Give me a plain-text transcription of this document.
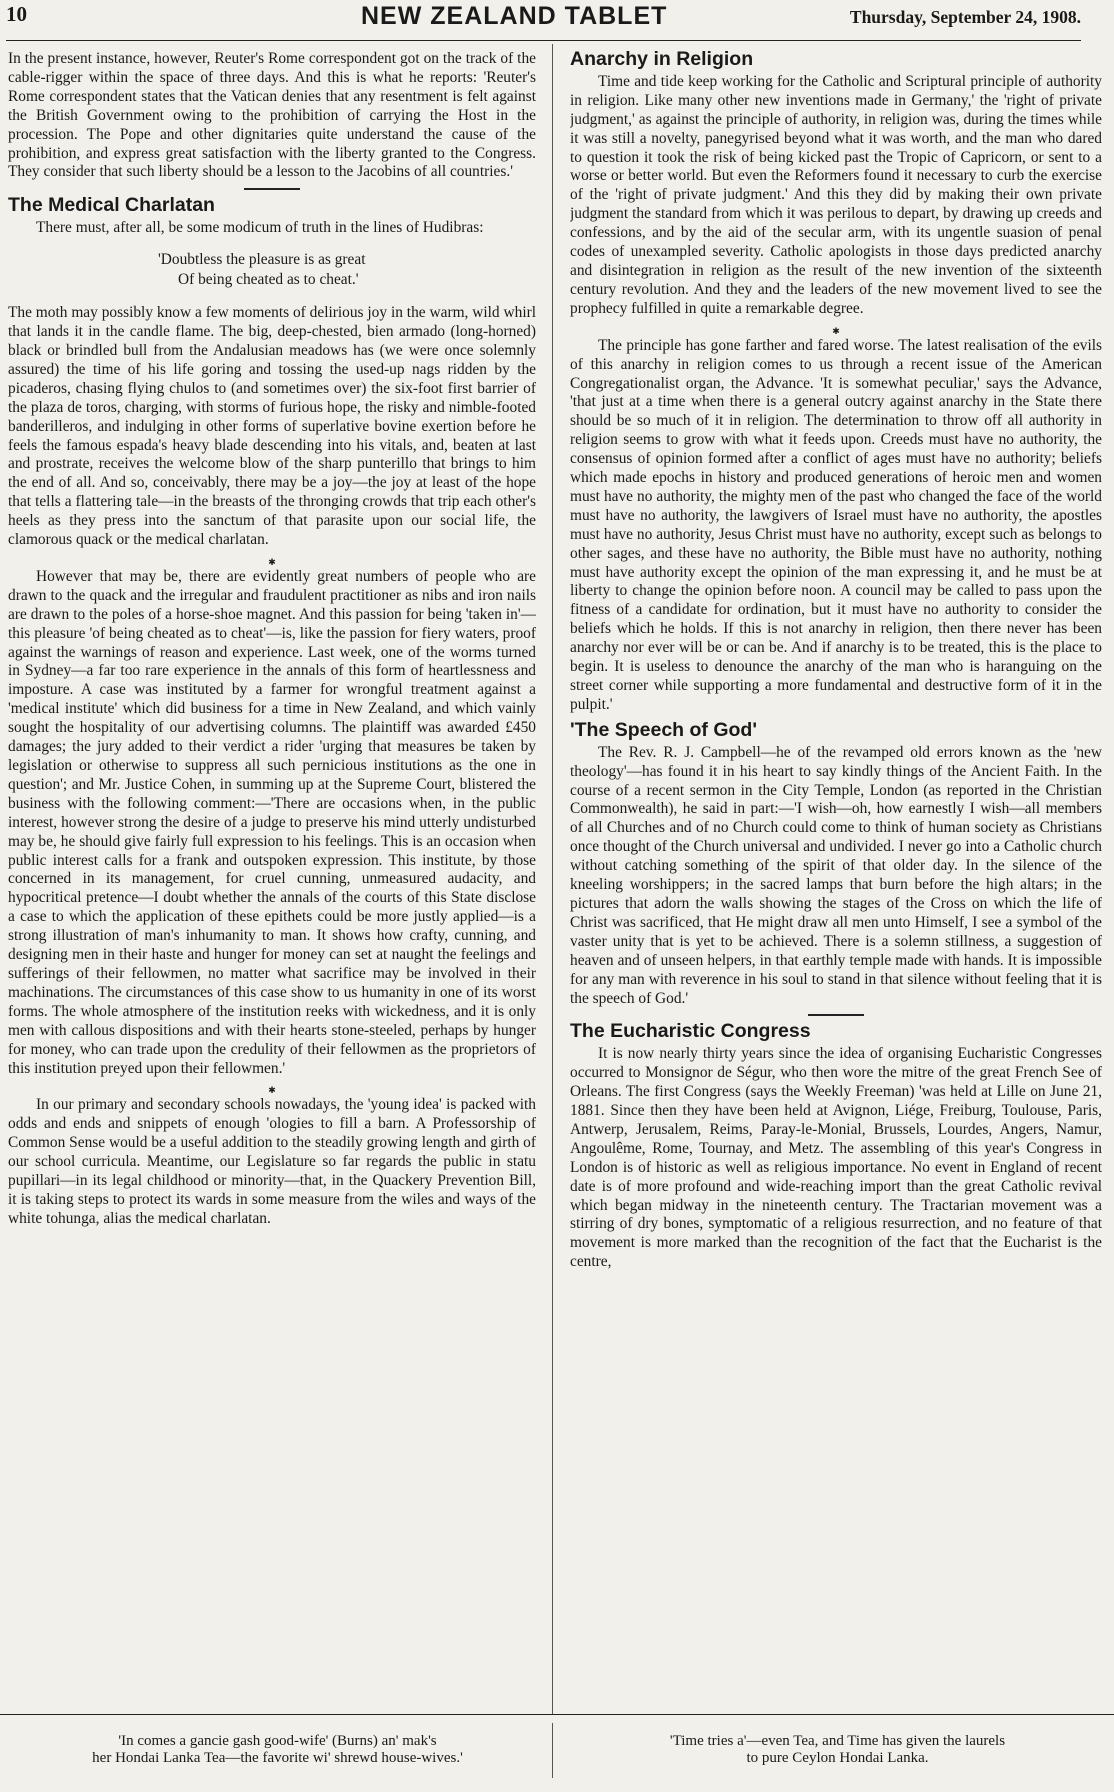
10	NEW ZEALAND TABLET	Thursday, September 24, 1908.

In the present instance, however, Reuter's Rome correspondent got on the track of the cable-rigger within the space of three days. And this is what he reports: 'Reuter's Rome correspondent states that the Vatican denies that any resentment is felt against the British Government owing to the prohibition of carrying the Host in the procession. The Pope and other dignitaries quite understand the cause of the prohibition, and express great satisfaction with the liberty granted to the Congress. They consider that such liberty should be a lesson to the Jacobins of all countries.'

The Medical Charlatan

There must, after all, be some modicum of truth in the lines of Hudibras:

'Doubtless the pleasure is as great
Of being cheated as to cheat.'

The moth may possibly know a few moments of delirious joy in the warm, wild whirl that lands it in the candle flame. The big, deep-chested, bien armado (long-horned) black or brindled bull from the Andalusian meadows has (we were once solemnly assured) the time of his life goring and tossing the used-up nags ridden by the picaderos, chasing flying chulos to (and sometimes over) the six-foot first barrier of the plaza de toros, charging, with storms of furious hope, the risky and nimble-footed banderilleros, and indulging in other forms of superlative bovine exertion before he feels the famous espada's heavy blade descending into his vitals, and, beaten at last and prostrate, receives the welcome blow of the sharp punterillo that brings to him the end of all. And so, conceivably, there may be a joy—the joy at least of the hope that tells a flattering tale—in the breasts of the thronging crowds that trip each other's heels as they press into the sanctum of that parasite upon our social life, the clamorous quack or the medical charlatan.

✱

However that may be, there are evidently great numbers of people who are drawn to the quack and the irregular and fraudulent practitioner as nibs and iron nails are drawn to the poles of a horse-shoe magnet. And this passion for being 'taken in'—this pleasure 'of being cheated as to cheat'—is, like the passion for fiery waters, proof against the warnings of reason and experience. Last week, one of the worms turned in Sydney—a far too rare experience in the annals of this form of heartlessness and imposture. A case was instituted by a farmer for wrongful treatment against a 'medical institute' which did business for a time in New Zealand, and which vainly sought the hospitality of our advertising columns. The plaintiff was awarded £450 damages; the jury added to their verdict a rider 'urging that measures be taken by legislation or otherwise to suppress all such pernicious institutions as the one in question'; and Mr. Justice Cohen, in summing up at the Supreme Court, blistered the business with the following comment:—'There are occasions when, in the public interest, however strong the desire of a judge to preserve his mind utterly undisturbed may be, he should give fairly full expression to his feelings. This is an occasion when public interest calls for a frank and outspoken expression. This institute, by those concerned in its management, for cruel cunning, unmeasured audacity, and hypocritical pretence—I doubt whether the annals of the courts of this State disclose a case to which the application of these epithets could be more justly applied—is a strong illustration of man's inhumanity to man. It shows how crafty, cunning, and designing men in their haste and hunger for money can set at naught the feelings and sufferings of their fellowmen, no matter what sacrifice may be involved in their machinations. The circumstances of this case show to us humanity in one of its worst forms. The whole atmosphere of the institution reeks with wickedness, and it is only men with callous dispositions and with their hearts stone-steeled, perhaps by hunger for money, who can trade upon the credulity of their fellowmen as the proprietors of this institution preyed upon their fellowmen.'

✱

In our primary and secondary schools nowadays, the 'young idea' is packed with odds and ends and snippets of enough 'ologies to fill a barn. A Professorship of Common Sense would be a useful addition to the steadily growing length and girth of our school curricula. Meantime, our Legislature so far regards the public in statu pupillari—in its legal childhood or minority—that, in the Quackery Prevention Bill, it is taking steps to protect its wards in some measure from the wiles and ways of the white tohunga, alias the medical charlatan.

Anarchy in Religion

Time and tide keep working for the Catholic and Scriptural principle of authority in religion. Like many other new inventions made in Germany,' the 'right of private judgment,' as against the principle of authority, in religion was, during the times while it was still a novelty, panegyrised beyond what it was worth, and the man who dared to question it took the risk of being kicked past the Tropic of Capricorn, or sent to a worse or better world. But even the Reformers found it necessary to curb the exercise of the 'right of private judgment.' And this they did by making their own private judgment the standard from which it was perilous to depart, by drawing up creeds and confessions, and by the aid of the secular arm, with its ungentle suasion of penal codes of unexampled severity. Catholic apologists in those days predicted anarchy and disintegration in religion as the result of the new invention of the sixteenth century revolution. And they and the leaders of the new movement lived to see the prophecy fulfilled in quite a remarkable degree.

✱

The principle has gone farther and fared worse. The latest realisation of the evils of this anarchy in religion comes to us through a recent issue of the American Congregationalist organ, the Advance. 'It is somewhat peculiar,' says the Advance, 'that just at a time when there is a general outcry against anarchy in the State there should be so much of it in religion. The determination to throw off all authority in religion seems to grow with what it feeds upon. Creeds must have no authority, the consensus of opinion formed after a conflict of ages must have no authority; beliefs which made epochs in history and produced generations of heroic men and women must have no authority, the mighty men of the past who changed the face of the world must have no authority, the lawgivers of Israel must have no authority, the apostles must have no authority, Jesus Christ must have no authority, except such as belongs to other sages, and these have no authority, the Bible must have no authority, nothing must have authority except the opinion of the man expressing it, and he must be at liberty to change the opinion before noon. A council may be called to pass upon the fitness of a candidate for ordination, but it must have no authority to consider the beliefs which he holds. If this is not anarchy in religion, then there never has been anarchy nor ever will be or can be. And if anarchy is to be treated, this is the place to begin. It is useless to denounce the anarchy of the man who is haranguing on the street corner while supporting a more fundamental and destructive form of it in the pulpit.'

'The Speech of God'

The Rev. R. J. Campbell—he of the revamped old errors known as the 'new theology'—has found it in his heart to say kindly things of the Ancient Faith. In the course of a recent sermon in the City Temple, London (as reported in the Christian Commonwealth), he said in part:—'I wish—oh, how earnestly I wish—all members of all Churches and of no Church could come to think of human society as Christians once thought of the Church universal and undivided. I never go into a Catholic church without catching something of the spirit of that older day. In the silence of the kneeling worshippers; in the sacred lamps that burn before the high altars; in the pictures that adorn the walls showing the stages of the Cross on which the life of Christ was sacrificed, that He might draw all men unto Himself, I see a symbol of the vaster unity that is yet to be achieved. There is a solemn stillness, a suggestion of heaven and of unseen helpers, in that earthly temple made with hands. It is impossible for any man with reverence in his soul to stand in that silence without feeling that it is the speech of God.'

The Eucharistic Congress

It is now nearly thirty years since the idea of organising Eucharistic Congresses occurred to Monsignor de Ségur, who then wore the mitre of the great French See of Orleans. The first Congress (says the Weekly Freeman) 'was held at Lille on June 21, 1881. Since then they have been held at Avignon, Liége, Freiburg, Toulouse, Paris, Antwerp, Jerusalem, Reims, Paray-le-Monial, Brussels, Lourdes, Angers, Namur, Angoulême, Rome, Tournay, and Metz. The assembling of this year's Congress in London is of historic as well as religious importance. No event in England of recent date is of more profound and wide-reaching import than the great Catholic revival which began midway in the nineteenth century. The Tractarian movement was a stirring of dry bones, symptomatic of a religious resurrection, and no feature of that movement is more marked than the recognition of the fact that the Eucharist is the centre,

'In comes a gancie gash good-wife' (Burns) an' mak's
her Hondai Lanka Tea—the favorite wi' shrewd house-wives.'
'Time tries a'—even Tea, and Time has given the laurels
to pure Ceylon Hondai Lanka.
